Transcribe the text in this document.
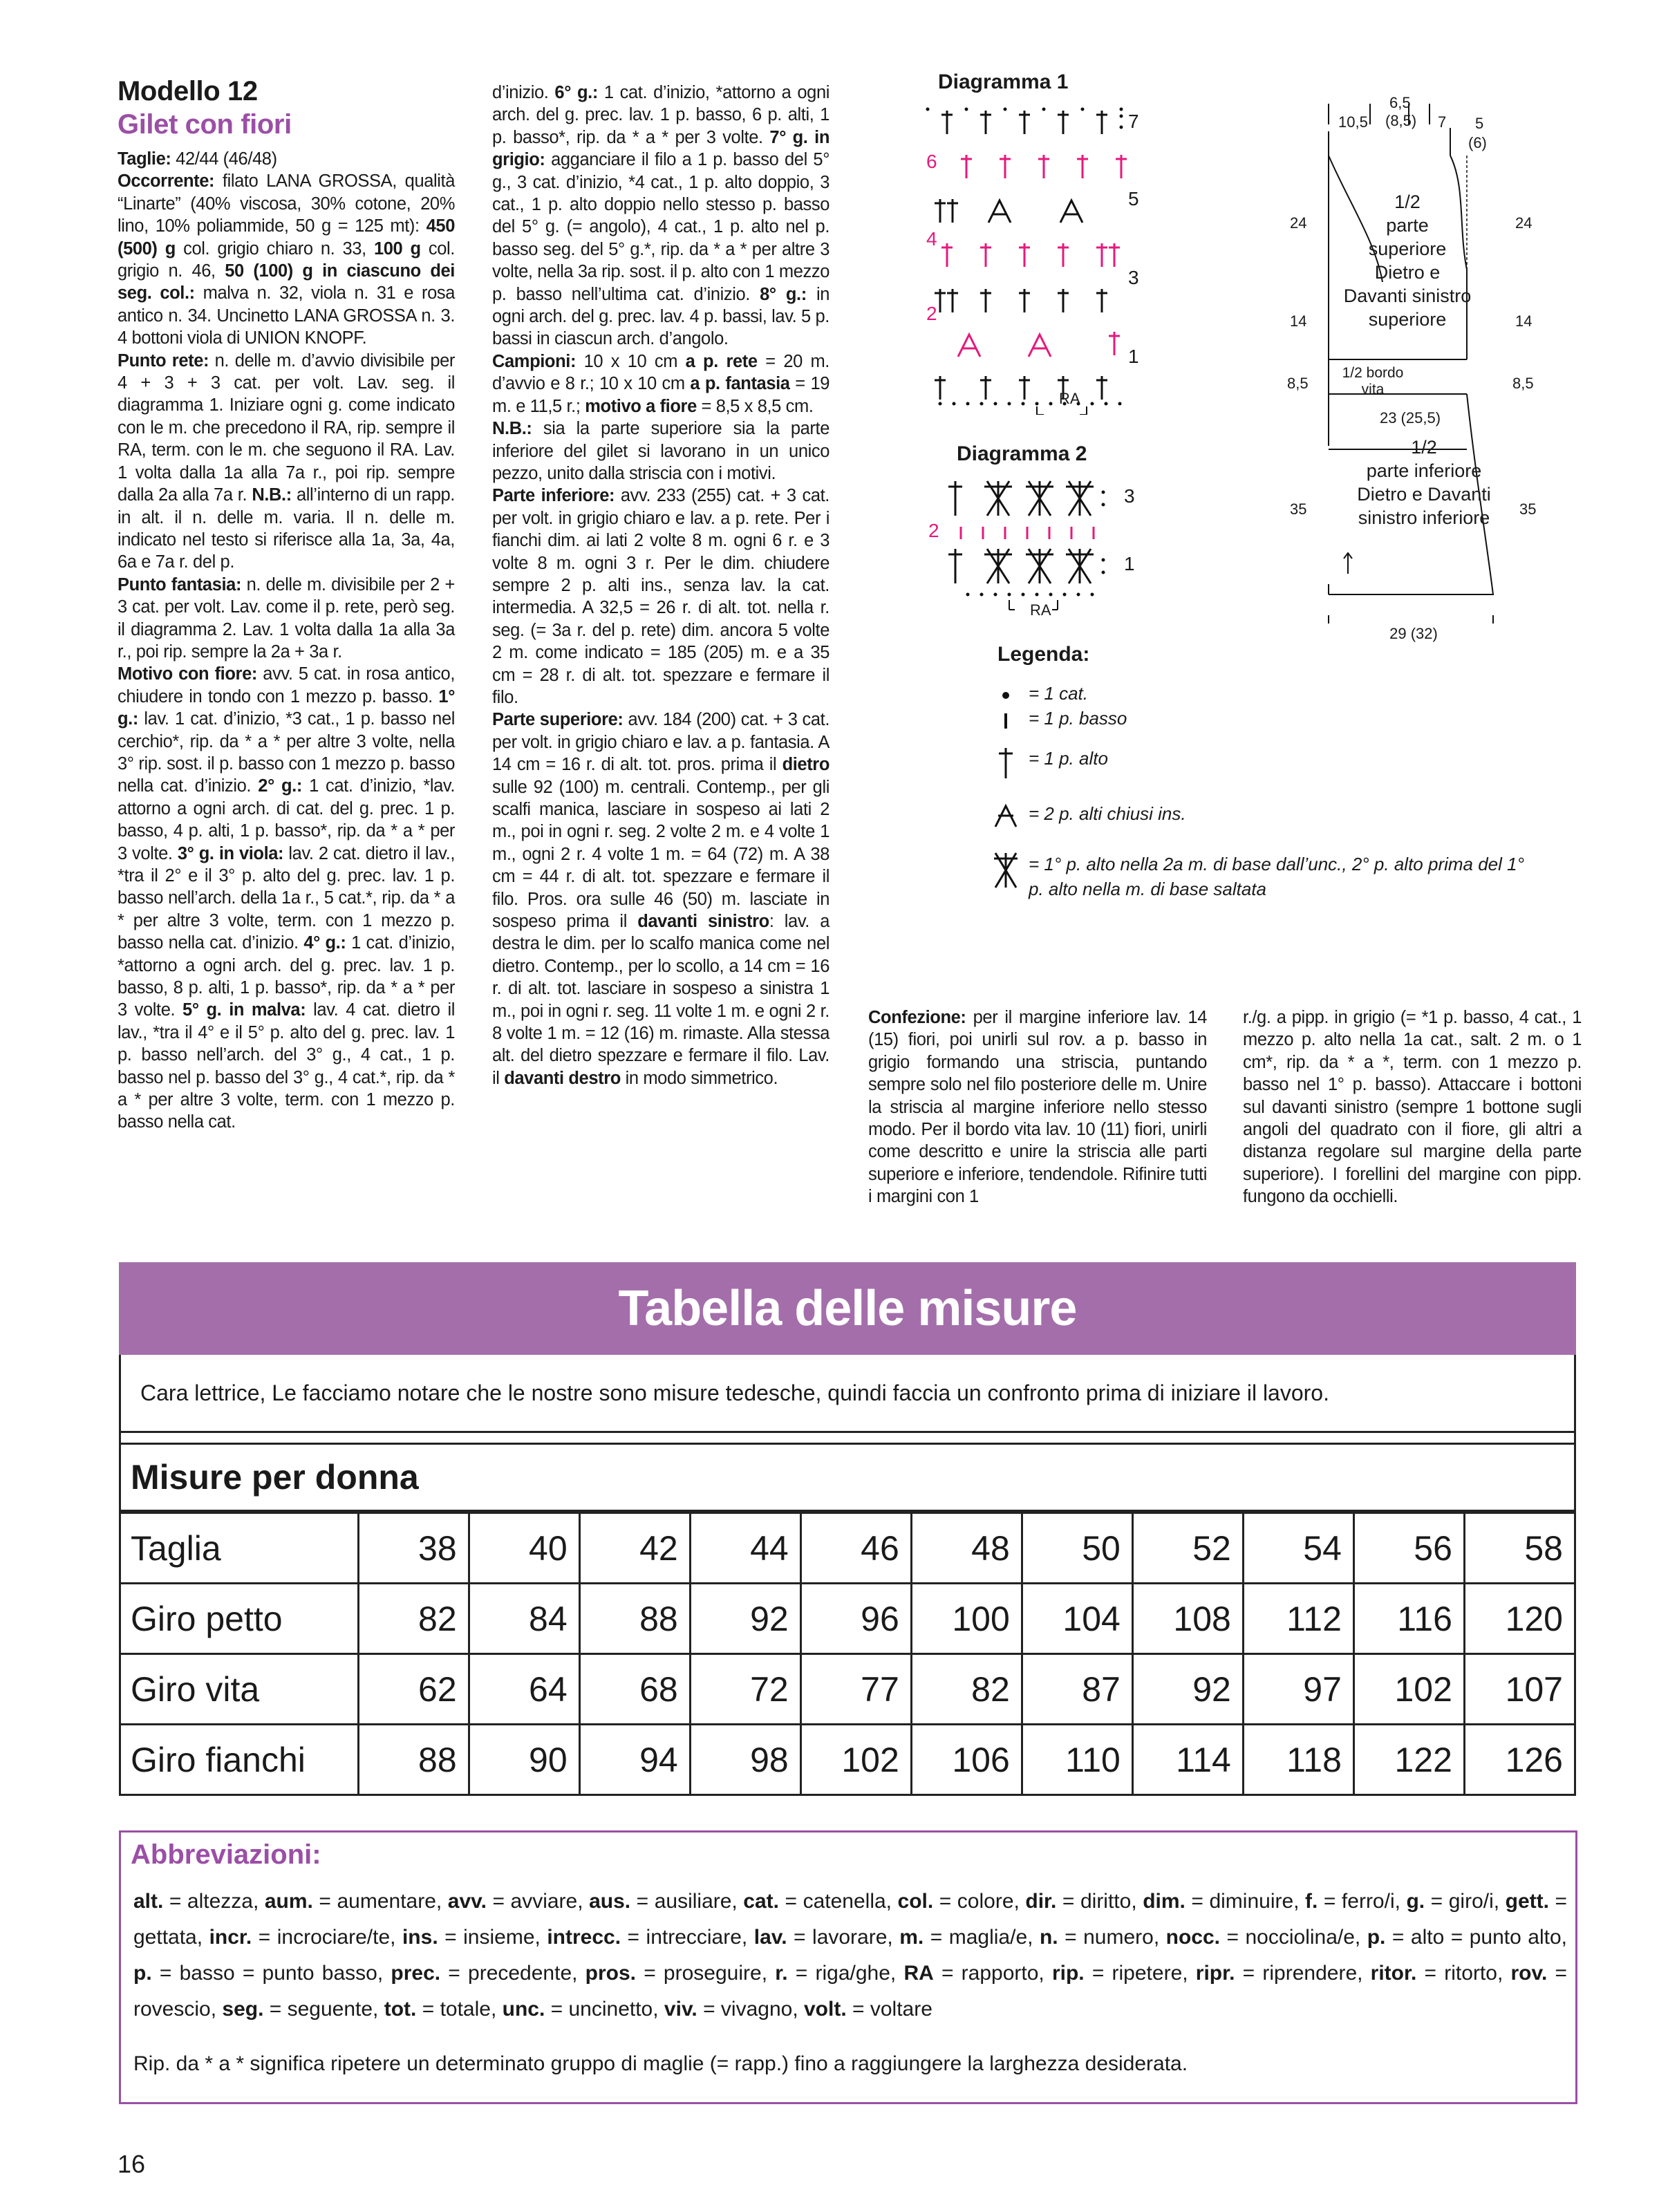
Modello 12
Gilet con fiori

Taglie: 42/44 (46/48)

Occorrente: filato LANA GROSSA, qualità “Linarte” (40% viscosa, 30% cotone, 20% lino, 10% poliammide, 50 g = 125 mt): 450 (500) g col. grigio chiaro n. 33, 100 g col. grigio n. 46, 50 (100) g in ciascuno dei seg. col.: malva n. 32, viola n. 31 e rosa antico n. 34. Uncinetto LANA GROSSA n. 3. 4 bottoni viola di UNION KNOPF.

Punto rete: n. delle m. d’avvio divisibile per 4 + 3 + 3 cat. per volt. Lav. seg. il diagramma 1. Iniziare ogni g. come indicato con le m. che precedono il RA, rip. sempre il RA, term. con le m. che seguono il RA. Lav. 1 volta dalla 1a alla 7a r., poi rip. sempre dalla 2a alla 7a r. N.B.: all’interno di un rapp. in alt. il n. delle m. varia. Il n. delle m. indicato nel testo si riferisce alla 1a, 3a, 4a, 6a e 7a r. del p.

Punto fantasia: n. delle m. divisibile per 2 + 3 cat. per volt. Lav. come il p. rete, però seg. il diagramma 2. Lav. 1 volta dalla 1a alla 3a r., poi rip. sempre la 2a + 3a r.

Motivo con fiore: avv. 5 cat. in rosa antico, chiudere in tondo con 1 mezzo p. basso. 1° g.: lav. 1 cat. d’inizio, *3 cat., 1 p. basso nel cerchio*, rip. da * a * per altre 3 volte, nella 3° rip. sost. il p. basso con 1 mezzo p. basso nella cat. d’inizio. 2° g.: 1 cat. d’inizio, *lav. attorno a ogni arch. di cat. del g. prec. 1 p. basso, 4 p. alti, 1 p. basso*, rip. da * a * per 3 volte. 3° g. in viola: lav. 2 cat. dietro il lav., *tra il 2° e il 3° p. alto del g. prec. lav. 1 p. basso nell’arch. della 1a r., 5 cat.*, rip. da * a * per altre 3 volte, term. con 1 mezzo p. basso nella cat. d’inizio. 4° g.: 1 cat. d’inizio, *attorno a ogni arch. del g. prec. lav. 1 p. basso, 8 p. alti, 1 p. basso*, rip. da * a * per 3 volte. 5° g. in malva: lav. 4 cat. dietro il lav., *tra il 4° e il 5° p. alto del g. prec. lav. 1 p. basso nell’arch. del 3° g., 4 cat., 1 p. basso nel p. basso del 3° g., 4 cat.*, rip. da * a * per altre 3 volte, term. con 1 mezzo p. basso nella cat.

d’inizio. 6° g.: 1 cat. d’inizio, *attorno a ogni arch. del g. prec. lav. 1 p. basso, 6 p. alti, 1 p. basso*, rip. da * a * per 3 volte. 7° g. in grigio: agganciare il filo a 1 p. basso del 5° g., 3 cat. d’inizio, *4 cat., 1 p. alto doppio, 3 cat., 1 p. alto doppio nello stesso p. basso del 5° g. (= angolo), 4 cat., 1 p. alto nel p. basso seg. del 5° g.*, rip. da * a * per altre 3 volte, nella 3a rip. sost. il p. alto con 1 mezzo p. basso nell’ultima cat. d’inizio. 8° g.: in ogni arch. del g. prec. lav. 4 p. bassi, lav. 5 p. bassi in ciascun arch. d’angolo.

Campioni: 10 x 10 cm a p. rete = 20 m. d’avvio e 8 r.; 10 x 10 cm a p. fantasia = 19 m. e 11,5 r.; motivo a fiore = 8,5 x 8,5 cm.

N.B.: sia la parte superiore sia la parte inferiore del gilet si lavorano in un unico pezzo, unito dalla striscia con i motivi.

Parte inferiore: avv. 233 (255) cat. + 3 cat. per volt. in grigio chiaro e lav. a p. rete. Per i fianchi dim. ai lati 2 volte 8 m. ogni 6 r. e 3 volte 8 m. ogni 3 r. Per le dim. chiudere sempre 2 p. alti ins., senza lav. la cat. intermedia. A 32,5 = 26 r. di alt. tot. nella r. seg. (= 3a r. del p. rete) dim. ancora 5 volte 2 m. come indicato = 185 (205) m. e a 35 cm = 28 r. di alt. tot. spezzare e fermare il filo.

Parte superiore: avv. 184 (200) cat. + 3 cat. per volt. in grigio chiaro e lav. a p. fantasia. A 14 cm = 16 r. di alt. tot. pros. prima il dietro sulle 92 (100) m. centrali. Contemp., per gli scalfi manica, lasciare in sospeso ai lati 2 m., poi in ogni r. seg. 2 volte 2 m. e 4 volte 1 m., ogni 2 r. 4 volte 1 m. = 64 (72) m. A 38 cm = 44 r. di alt. tot. spezzare e fermare il filo. Pros. ora sulle 46 (50) m. lasciate in sospeso prima il davanti sinistro: lav. a destra le dim. per lo scalfo manica come nel dietro. Contemp., per lo scollo, a 14 cm = 16 r. di alt. tot. lasciare in sospeso a sinistra 1 m., poi in ogni r. seg. 11 volte 1 m. e ogni 2 r. 8 volte 1 m. = 12 (16) m. rimaste. Alla stessa alt. del dietro spezzare e fermare il filo. Lav. il davanti destro in modo simmetrico.

Diagramma 1
7
6
5
4
3
2
1
RA
Diagramma 2
3
2
1
RA
Legenda:
= 1 cat.
= 1 p. basso
= 1 p. alto
= 2 p. alti chiusi ins.
= 1° p. alto nella 2a m. di base dall’unc., 2° p. alto prima del 1° p. alto nella m. di base saltata
10,5
6,5
(8,5) 7 5
(6)
1/2
parte
superiore
Dietro e
Davanti sinistro
superiore
1/2 bordo
vita
23 (25,5)
1/2
parte inferiore
Dietro e Davanti
sinistro inferiore
29 (32)
24
14
8,5
35
24
14
8,5
35
Confezione: per il margine inferiore lav. 14 (15) fiori, poi unirli sul rov. a p. basso in grigio formando una striscia, puntando sempre solo nel filo posteriore delle m. Unire la striscia al margine inferiore nello stesso modo. Per il bordo vita lav. 10 (11) fiori, unirli come descritto e unire la striscia alle parti superiore e inferiore, tendendole. Rifinire tutti i margini con 1
r./g. a pipp. in grigio (= *1 p. basso, 4 cat., 1 mezzo p. alto nella 1a cat., salt. 2 m. o 1 cm*, rip. da * a *, term. con 1 mezzo p. basso nel 1° p. basso). Attaccare i bottoni sul davanti sinistro (sempre 1 bottone sugli angoli del quadrato con il fiore, gli altri a distanza regolare sul margine della parte superiore). I forellini del margine con pipp. fungono da occhielli.
Tabella delle misure
Cara lettrice, Le facciamo notare che le nostre sono misure tedesche, quindi faccia un confronto prima di iniziare il lavoro.
Misure per donna
Taglia	38	40	42	44	46	48	50	52	54	56	58
Giro petto	82	84	88	92	96	100	104	108	112	116	120
Giro vita	62	64	68	72	77	82	87	92	97	102	107
Giro fianchi	88	90	94	98	102	106	110	114	118	122	126
Abbreviazioni:
alt. = altezza, aum. = aumentare, avv. = avviare, aus. = ausiliare, cat. = catenella, col. = colore, dir. = diritto, dim. = diminuire, f. = ferro/i, g. = giro/i, gett. = gettata, incr. = incrociare/te, ins. = insieme, intrecc. = intrecciare, lav. = lavorare, m. = maglia/e, n. = numero, nocc. = nocciolina/e, p. = alto = punto alto, p. = basso = punto basso, prec. = precedente, pros. = proseguire, r. = riga/ghe, RA = rapporto, rip. = ripetere, ripr. = riprendere, ritor. = ritorto, rov. = rovescio, seg. = seguente, tot. = totale, unc. = uncinetto, viv. = vivagno, volt. = voltare
Rip. da * a * significa ripetere un determinato gruppo di maglie (= rapp.) fino a raggiungere la larghezza desiderata.
16
